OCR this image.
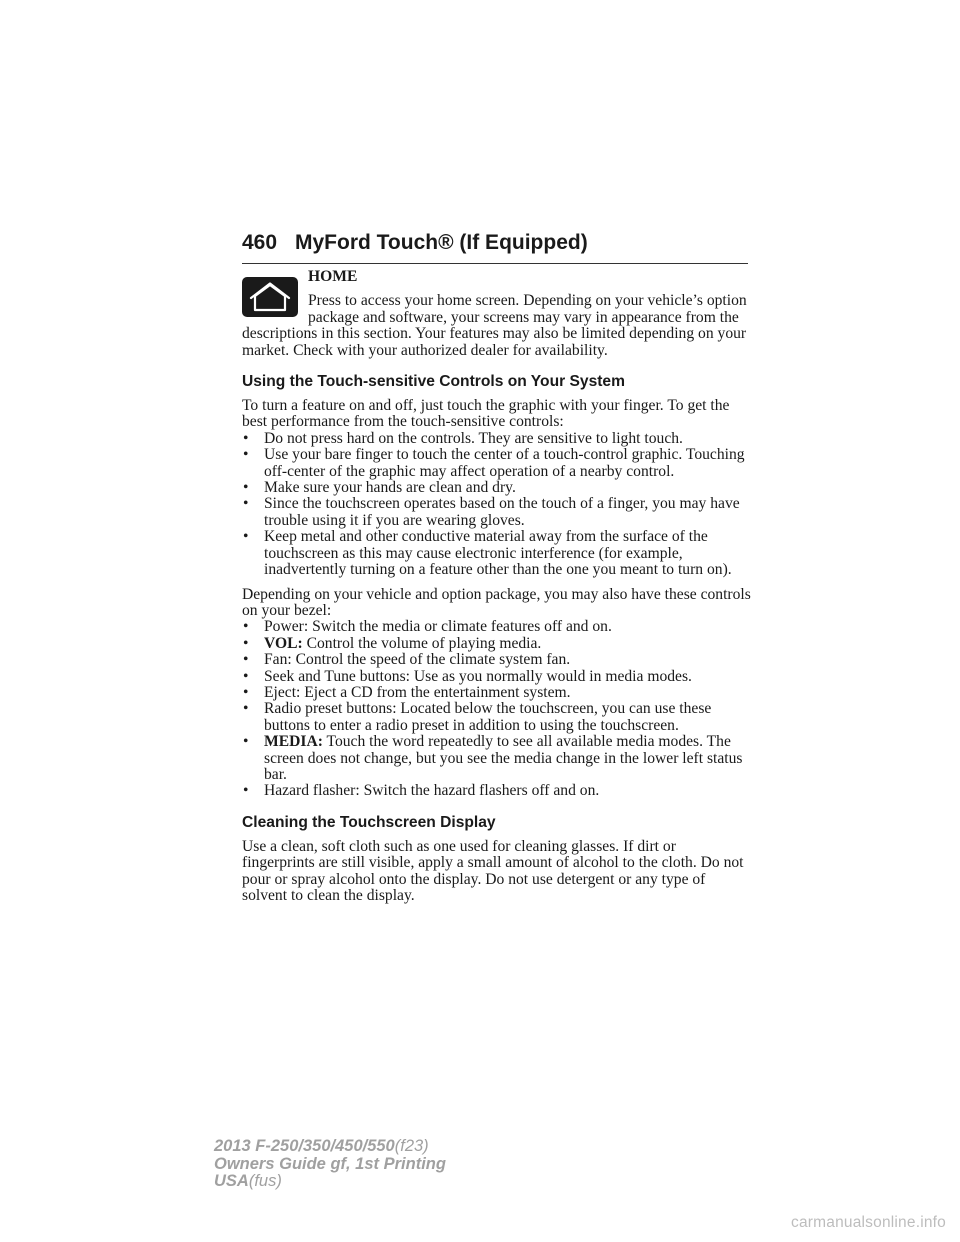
460 MyFord Touch® (If Equipped)
HOME

Press to access your home screen. Depending on your vehicle’s option package and software, your screens may vary in appearance from the descriptions in this section. Your features may also be limited depending on your market. Check with your authorized dealer for availability.

Using the Touch-sensitive Controls on Your System
To turn a feature on and off, just touch the graphic with your finger. To get the best performance from the touch-sensitive controls:
• Do not press hard on the controls. They are sensitive to light touch.
• Use your bare finger to touch the center of a touch-control graphic. Touching off-center of the graphic may affect operation of a nearby control.
• Make sure your hands are clean and dry.
• Since the touchscreen operates based on the touch of a finger, you may have trouble using it if you are wearing gloves.
• Keep metal and other conductive material away from the surface of the touchscreen as this may cause electronic interference (for example, inadvertently turning on a feature other than the one you meant to turn on).
Depending on your vehicle and option package, you may also have these controls on your bezel:
• Power: Switch the media or climate features off and on.
• VOL: Control the volume of playing media.
• Fan: Control the speed of the climate system fan.
• Seek and Tune buttons: Use as you normally would in media modes.
• Eject: Eject a CD from the entertainment system.
• Radio preset buttons: Located below the touchscreen, you can use these buttons to enter a radio preset in addition to using the touchscreen.
• MEDIA: Touch the word repeatedly to see all available media modes. The screen does not change, but you see the media change in the lower left status bar.
• Hazard flasher: Switch the hazard flashers off and on.
Cleaning the Touchscreen Display
Use a clean, soft cloth such as one used for cleaning glasses. If dirt or fingerprints are still visible, apply a small amount of alcohol to the cloth. Do not pour or spray alcohol onto the display. Do not use detergent or any type of solvent to clean the display.
2013 F-250/350/450/550(f23)
Owners Guide gf, 1st Printing
USA(fus)
carmanualsonline.info
